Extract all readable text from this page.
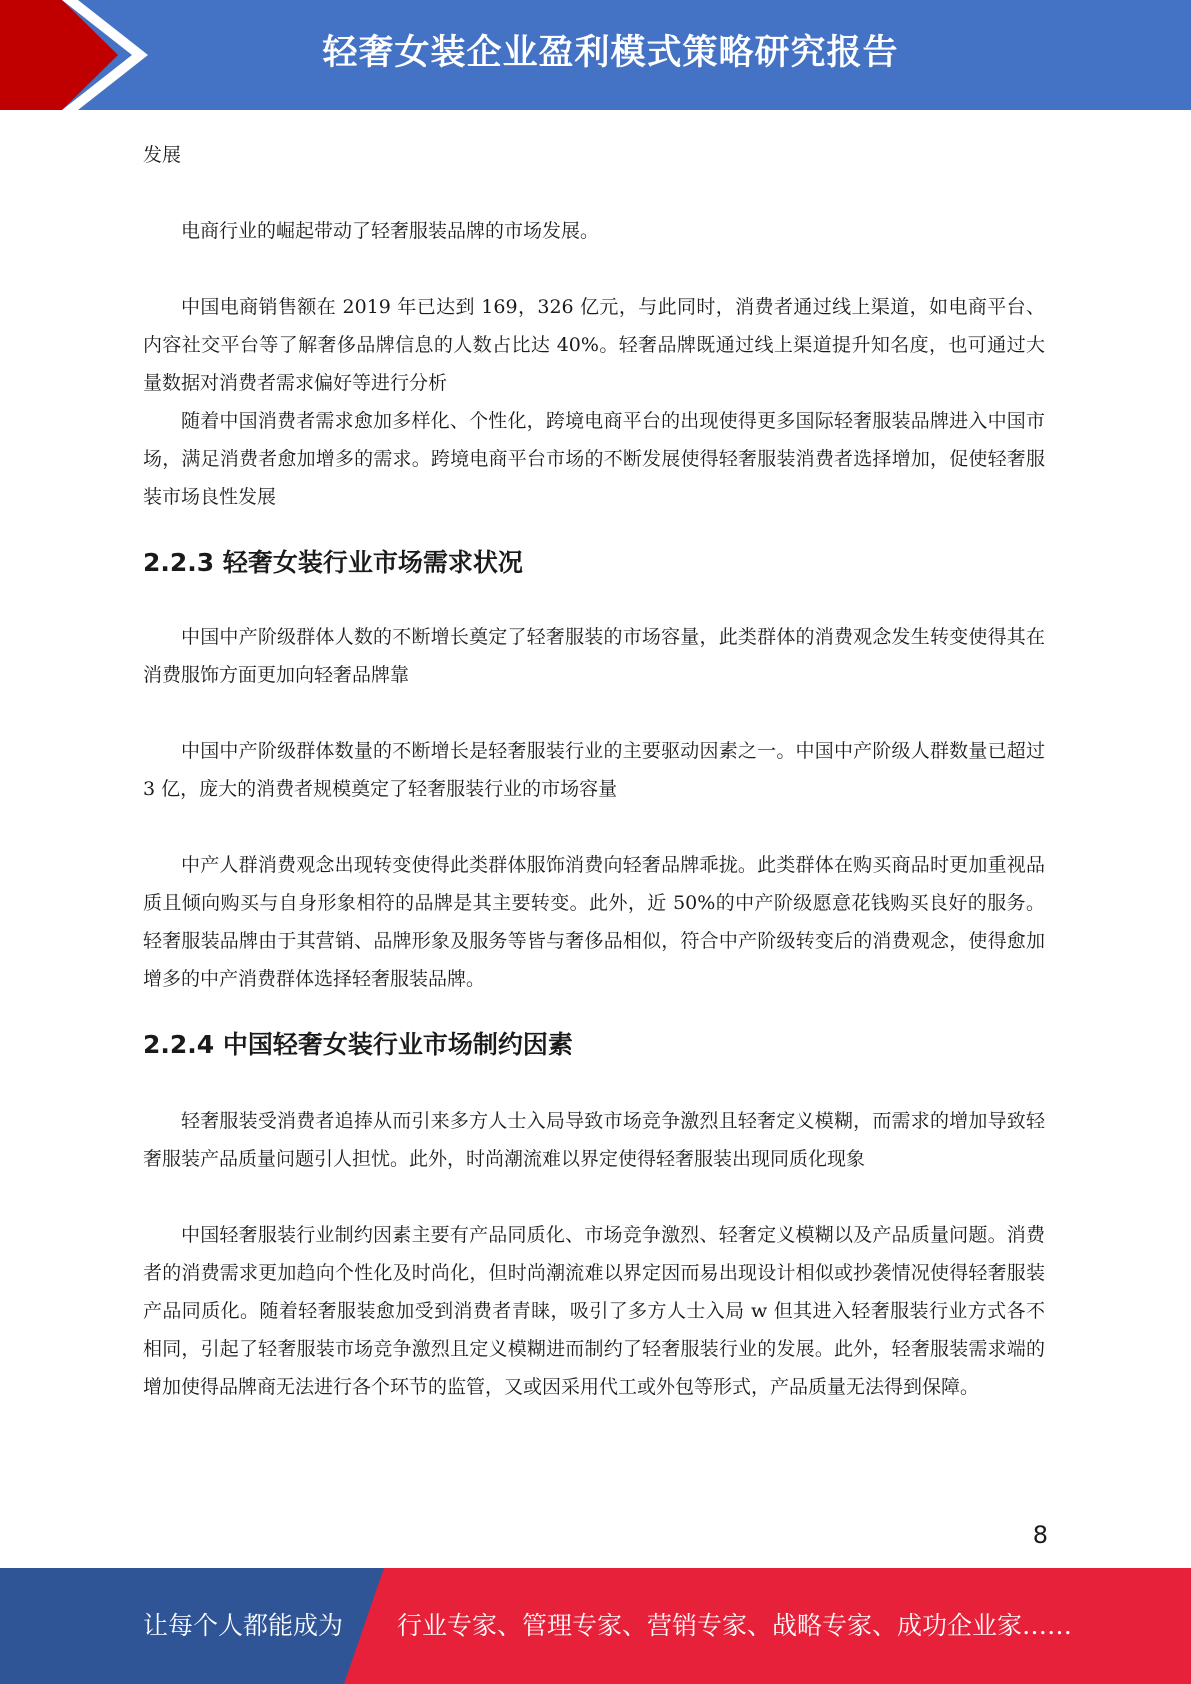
轻奢女装企业盈利模式策略研究报告

发展

电商行业的崛起带动了轻奢服装品牌的市场发展。

中国电商销售额在 2019 年已达到 169，326 亿元，与此同时，消费者通过线上渠道，如电商平台、内容社交平台等了解奢侈品牌信息的人数占比达 40%。轻奢品牌既通过线上渠道提升知名度，也可通过大量数据对消费者需求偏好等进行分析

随着中国消费者需求愈加多样化、个性化，跨境电商平台的出现使得更多国际轻奢服装品牌进入中国市场，满足消费者愈加增多的需求。跨境电商平台市场的不断发展使得轻奢服装消费者选择增加，促使轻奢服装市场良性发展

2.2.3 轻奢女装行业市场需求状况

中国中产阶级群体人数的不断增长奠定了轻奢服装的市场容量，此类群体的消费观念发生转变使得其在消费服饰方面更加向轻奢品牌靠

中国中产阶级群体数量的不断增长是轻奢服装行业的主要驱动因素之一。中国中产阶级人群数量已超过 3 亿，庞大的消费者规模奠定了轻奢服装行业的市场容量

中产人群消费观念出现转变使得此类群体服饰消费向轻奢品牌乖拢。此类群体在购买商品时更加重视品质且倾向购买与自身形象相符的品牌是其主要转变。此外，近 50%的中产阶级愿意花钱购买良好的服务。轻奢服装品牌由于其营销、品牌形象及服务等皆与奢侈品相似，符合中产阶级转变后的消费观念，使得愈加增多的中产消费群体选择轻奢服装品牌。

2.2.4 中国轻奢女装行业市场制约因素

轻奢服装受消费者追捧从而引来多方人士入局导致市场竞争激烈且轻奢定义模糊，而需求的增加导致轻奢服装产品质量问题引人担忧。此外，时尚潮流难以界定使得轻奢服装出现同质化现象

中国轻奢服装行业制约因素主要有产品同质化、市场竞争激烈、轻奢定义模糊以及产品质量问题。消费者的消费需求更加趋向个性化及时尚化，但时尚潮流难以界定因而易出现设计相似或抄袭情况使得轻奢服装产品同质化。随着轻奢服装愈加受到消费者青睐，吸引了多方人士入局 w 但其进入轻奢服装行业方式各不相同，引起了轻奢服装市场竞争激烈且定义模糊进而制约了轻奢服装行业的发展。此外，轻奢服装需求端的增加使得品牌商无法进行各个环节的监管，又或因采用代工或外包等形式，产品质量无法得到保障。

8
让每个人都能成为 行业专家、管理专家、营销专家、战略专家、成功企业家……
